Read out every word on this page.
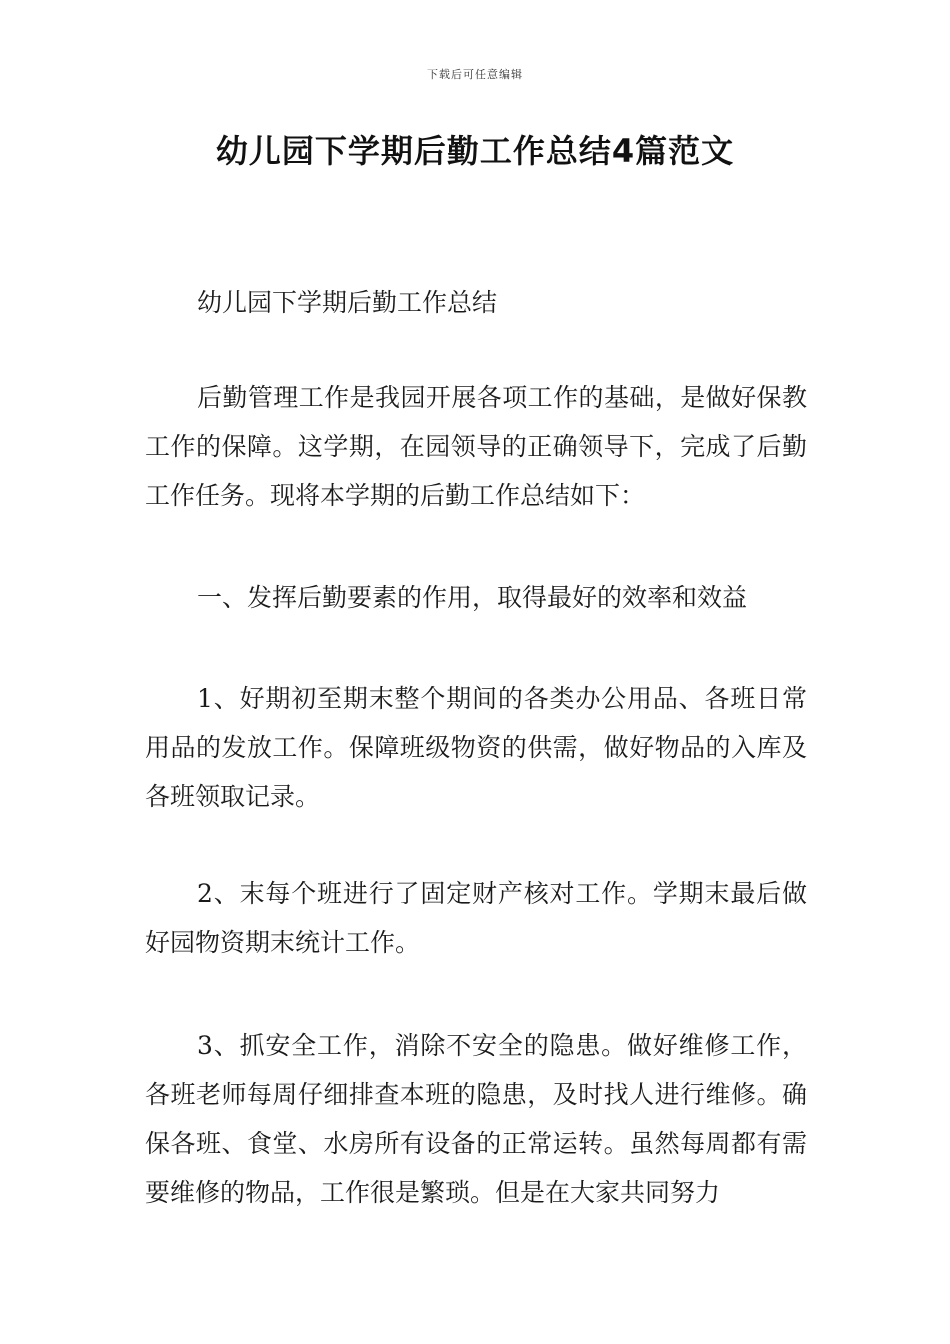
下载后可任意编辑
幼儿园下学期后勤工作总结4篇范文

幼儿园下学期后勤工作总结

后勤管理工作是我园开展各项工作的基础，是做好保教工作的保障。这学期，在园领导的正确领导下，完成了后勤工作任务。现将本学期的后勤工作总结如下：

一、发挥后勤要素的作用，取得最好的效率和效益

1、好期初至期末整个期间的各类办公用品、各班日常用品的发放工作。保障班级物资的供需，做好物品的入库及各班领取记录。

2、末每个班进行了固定财产核对工作。学期末最后做好园物资期末统计工作。

3、抓安全工作，消除不安全的隐患。做好维修工作，各班老师每周仔细排查本班的隐患，及时找人进行维修。确保各班、食堂、水房所有设备的正常运转。虽然每周都有需要维修的物品，工作很是繁琐。但是在大家共同努力
